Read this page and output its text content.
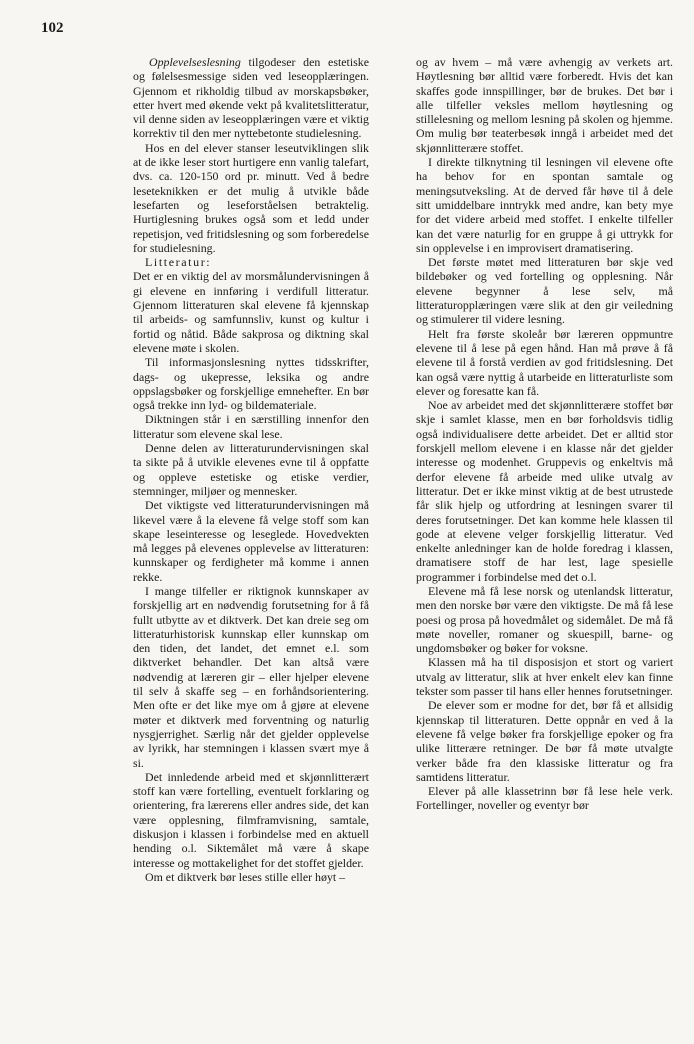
102

Opplevelseslesning tilgodeser den estetiske og følelsesmessige siden ved leseopplæringen. Gjennom et rikholdig tilbud av morskapsbøker, etter hvert med økende vekt på kvalitetslitteratur, vil denne siden av leseopplæringen være et viktig korrektiv til den mer nyttebetonte studielesning.

Hos en del elever stanser leseutviklingen slik at de ikke leser stort hurtigere enn vanlig talefart, dvs. ca. 120-150 ord pr. minutt. Ved å bedre leseteknikken er det mulig å utvikle både lesefarten og leseforståelsen betraktelig. Hurtiglesning brukes også som et ledd under repetisjon, ved fritidslesning og som forberedelse for studielesning.

Litteratur:

Det er en viktig del av morsmålundervisningen å gi elevene en innføring i verdifull litteratur. Gjennom litteraturen skal elevene få kjennskap til arbeids- og samfunnsliv, kunst og kultur i fortid og nåtid. Både sakprosa og diktning skal elevene møte i skolen.

Til informasjonslesning nyttes tidsskrifter, dags- og ukepresse, leksika og andre oppslagsbøker og forskjellige emnehefter. En bør også trekke inn lyd- og bildemateriale.

Diktningen står i en særstilling innenfor den litteratur som elevene skal lese.

Denne delen av litteraturundervisningen skal ta sikte på å utvikle elevenes evne til å oppfatte og oppleve estetiske og etiske verdier, stemninger, miljøer og mennesker.

Det viktigste ved litteraturundervisningen må likevel være å la elevene få velge stoff som kan skape leseinteresse og leseglede. Hovedvekten må legges på elevenes opplevelse av litteraturen: kunnskaper og ferdigheter må komme i annen rekke.

I mange tilfeller er riktignok kunnskaper av forskjellig art en nødvendig forutsetning for å få fullt utbytte av et diktverk. Det kan dreie seg om litteraturhistorisk kunnskap eller kunnskap om den tiden, det landet, det emnet e.l. som diktverket behandler. Det kan altså være nødvendig at læreren gir – eller hjelper elevene til selv å skaffe seg – en forhåndsorientering. Men ofte er det like mye om å gjøre at elevene møter et diktverk med forventning og naturlig nysgjerrighet. Særlig når det gjelder opplevelse av lyrikk, har stemningen i klassen svært mye å si.

Det innledende arbeid med et skjønnlitterært stoff kan være fortelling, eventuelt forklaring og orientering, fra lærerens eller andres side, det kan være opplesning, filmframvisning, samtale, diskusjon i klassen i forbindelse med en aktuell hending o.l. Siktemålet må være å skape interesse og mottakelighet for det stoffet gjelder.

Om et diktverk bør leses stille eller høyt –

og av hvem – må være avhengig av verkets art. Høytlesning bør alltid være forberedt. Hvis det kan skaffes gode innspillinger, bør de brukes. Det bør i alle tilfeller veksles mellom høytlesning og stillelesning og mellom lesning på skolen og hjemme. Om mulig bør teaterbesøk inngå i arbeidet med det skjønnlitterære stoffet.

I direkte tilknytning til lesningen vil elevene ofte ha behov for en spontan samtale og meningsutveksling. At de derved får høve til å dele sitt umiddelbare inntrykk med andre, kan bety mye for det videre arbeid med stoffet. I enkelte tilfeller kan det være naturlig for en gruppe å gi uttrykk for sin opplevelse i en improvisert dramatisering.

Det første møtet med litteraturen bør skje ved bildebøker og ved fortelling og opplesning. Når elevene begynner å lese selv, må litteraturopplæringen være slik at den gir veiledning og stimulerer til videre lesning.

Helt fra første skoleår bør læreren oppmuntre elevene til å lese på egen hånd. Han må prøve å få elevene til å forstå verdien av god fritidslesning. Det kan også være nyttig å utarbeide en litteraturliste som elever og foresatte kan få.

Noe av arbeidet med det skjønnlitterære stoffet bør skje i samlet klasse, men en bør forholdsvis tidlig også individualisere dette arbeidet. Det er alltid stor forskjell mellom elevene i en klasse når det gjelder interesse og modenhet. Gruppevis og enkeltvis må derfor elevene få arbeide med ulike utvalg av litteratur. Det er ikke minst viktig at de best utrustede får slik hjelp og utfordring at lesningen svarer til deres forutsetninger. Det kan komme hele klassen til gode at elevene velger forskjellig litteratur. Ved enkelte anledninger kan de holde foredrag i klassen, dramatisere stoff de har lest, lage spesielle programmer i forbindelse med det o.l.

Elevene må få lese norsk og utenlandsk litteratur, men den norske bør være den viktigste. De må få lese poesi og prosa på hovedmålet og sidemålet. De må få møte noveller, romaner og skuespill, barne- og ungdomsbøker og bøker for voksne.

Klassen må ha til disposisjon et stort og variert utvalg av litteratur, slik at hver enkelt elev kan finne tekster som passer til hans eller hennes forutsetninger.

De elever som er modne for det, bør få et allsidig kjennskap til litteraturen. Dette oppnår en ved å la elevene få velge bøker fra forskjellige epoker og fra ulike litterære retninger. De bør få møte utvalgte verker både fra den klassiske litteratur og fra samtidens litteratur.

Elever på alle klassetrinn bør få lese hele verk. Fortellinger, noveller og eventyr bør
